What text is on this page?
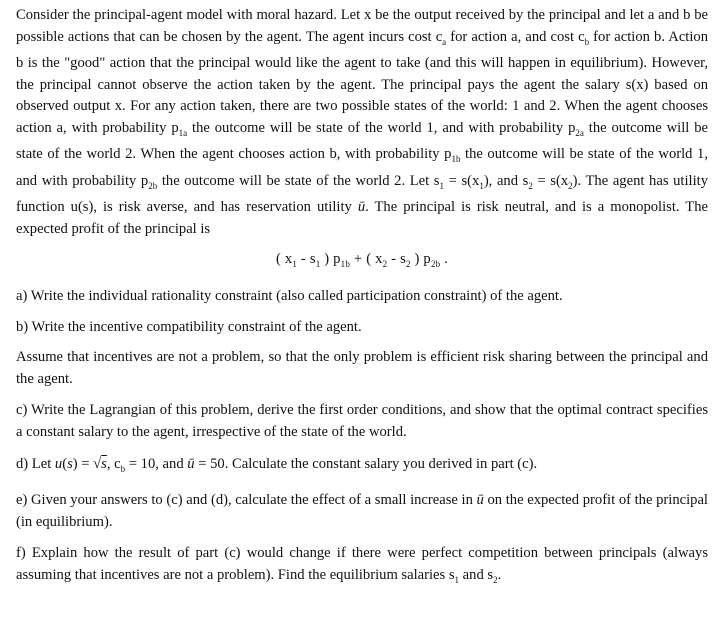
Consider the principal-agent model with moral hazard. Let x be the output received by the principal and let a and b be possible actions that can be chosen by the agent. The agent incurs cost $c_a$ for action a, and cost $c_b$ for action b. Action b is the "good" action that the principal would like the agent to take (and this will happen in equilibrium). However, the principal cannot observe the action taken by the agent. The principal pays the agent the salary s(x) based on observed output x. For any action taken, there are two possible states of the world: 1 and 2. When the agent chooses action a, with probability $p_{1a}$ the outcome will be state of the world 1, and with probability $p_{2a}$ the outcome will be state of the world 2. When the agent chooses action b, with probability $p_{1b}$ the outcome will be state of the world 1, and with probability $p_{2b}$ the outcome will be state of the world 2. Let $s_1 = s(x_1)$, and $s_2 = s(x_2)$. The agent has utility function u(s), is risk averse, and has reservation utility ū. The principal is risk neutral, and is a monopolist. The expected profit of the principal is

( $x_1 - s_1$ ) $p_{1b}$ + ( $x_2 - s_2$ ) $p_{2b}$ .

a) Write the individual rationality constraint (also called participation constraint) of the agent.

b) Write the incentive compatibility constraint of the agent.

Assume that incentives are not a problem, so that the only problem is efficient risk sharing between the principal and the agent.

c) Write the Lagrangian of this problem, derive the first order conditions, and show that the optimal contract specifies a constant salary to the agent, irrespective of the state of the world.

d) Let u(s) = √s, $c_b = 10$, and ū = 50. Calculate the constant salary you derived in part (c).

e) Given your answers to (c) and (d), calculate the effect of a small increase in ū on the expected profit of the principal (in equilibrium).

f) Explain how the result of part (c) would change if there were perfect competition between principals (always assuming that incentives are not a problem). Find the equilibrium salaries $s_1$ and $s_2$.
